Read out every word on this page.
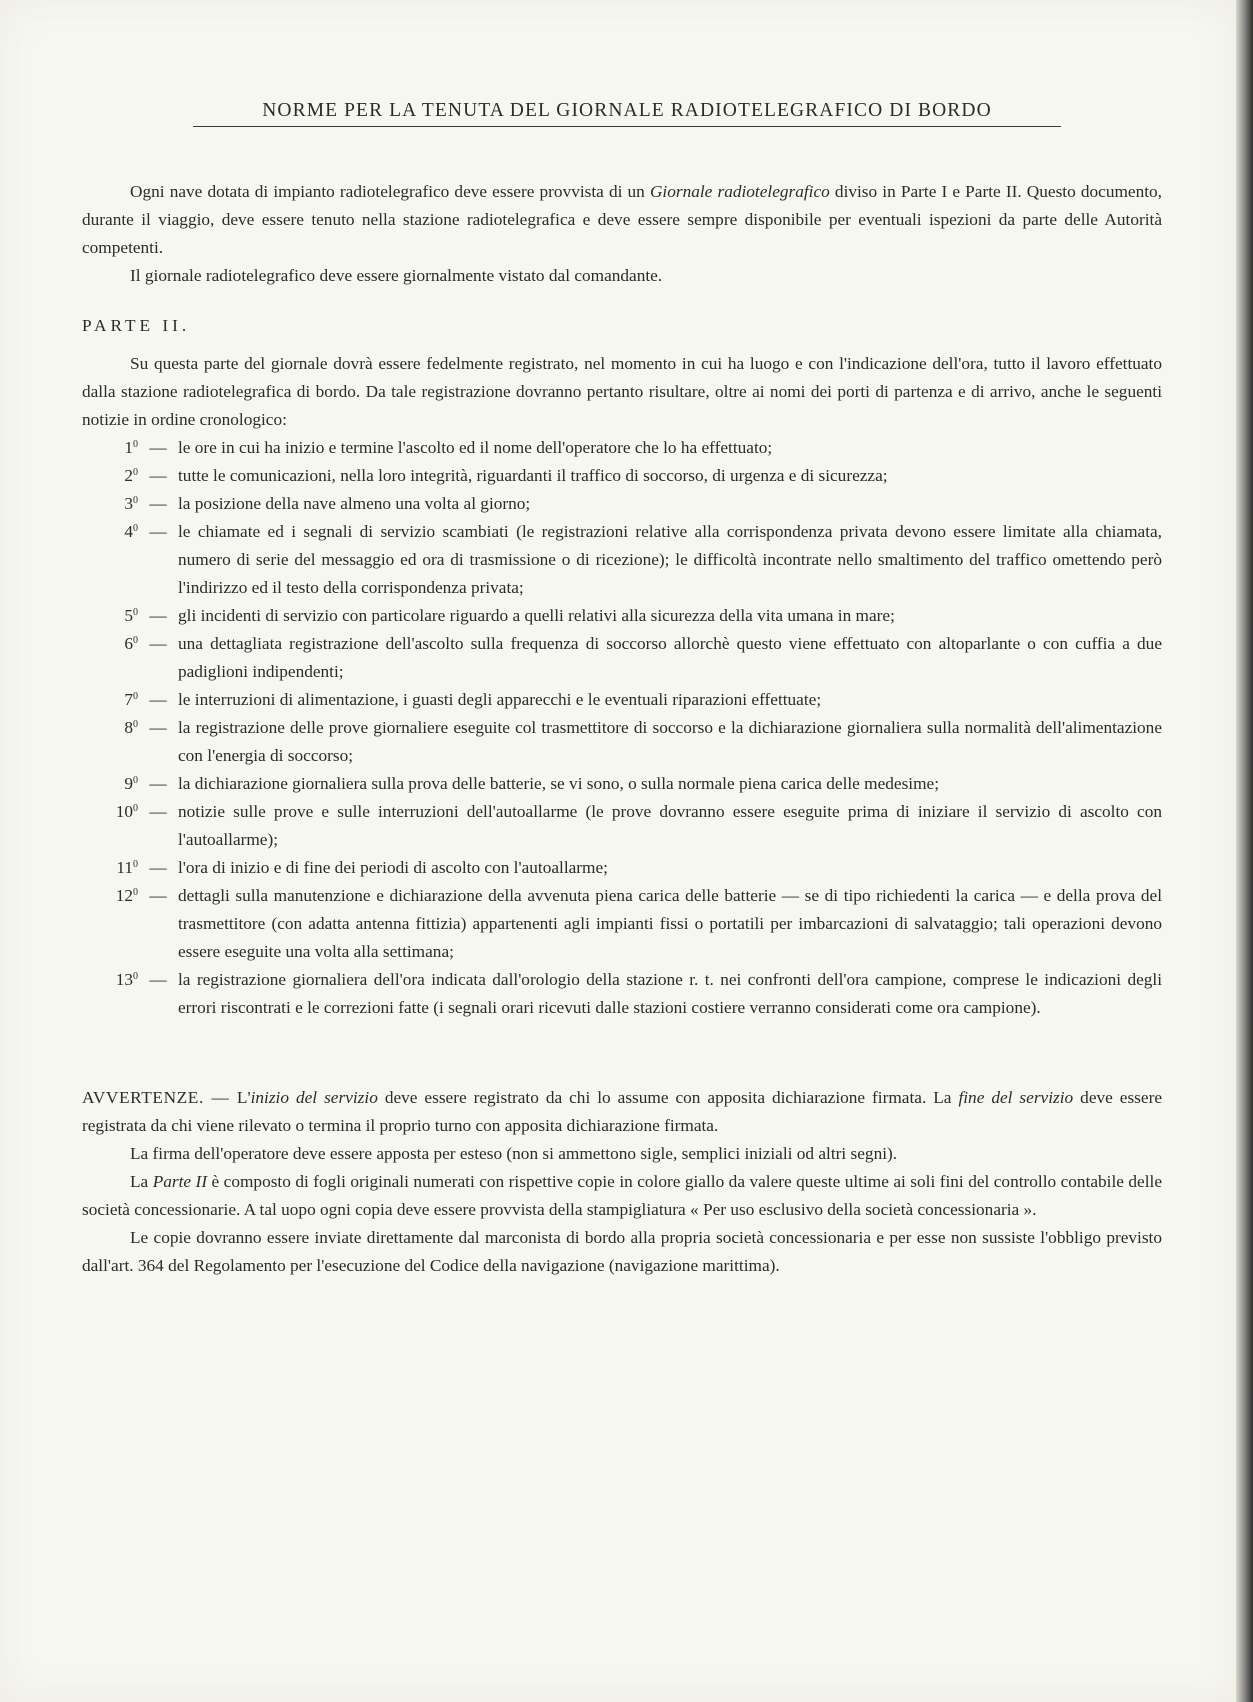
NORME PER LA TENUTA DEL GIORNALE RADIOTELEGRAFICO DI BORDO

Ogni nave dotata di impianto radiotelegrafico deve essere provvista di un Giornale radiotelegrafico diviso in Parte I e Parte II. Questo documento, durante il viaggio, deve essere tenuto nella stazione radiotelegrafica e deve essere sempre disponibile per eventuali ispezioni da parte delle Autorità competenti.

Il giornale radiotelegrafico deve essere giornalmente vistato dal comandante.

PARTE II.

Su questa parte del giornale dovrà essere fedelmente registrato, nel momento in cui ha luogo e con l'indicazione dell'ora, tutto il lavoro effettuato dalla stazione radiotelegrafica di bordo. Da tale registrazione dovranno pertanto risultare, oltre ai nomi dei porti di partenza e di arrivo, anche le seguenti notizie in ordine cronologico:

$1^0$ — le ore in cui ha inizio e termine l'ascolto ed il nome dell'operatore che lo ha effettuato;
$2^0$ — tutte le comunicazioni, nella loro integrità, riguardanti il traffico di soccorso, di urgenza e di sicurezza;
$3^0$ — la posizione della nave almeno una volta al giorno;
$4^0$ — le chiamate ed i segnali di servizio scambiati (le registrazioni relative alla corrispondenza privata devono essere limitate alla chiamata, numero di serie del messaggio ed ora di trasmissione o di ricezione); le difficoltà incontrate nello smaltimento del traffico omettendo però l'indirizzo ed il testo della corrispondenza privata;
$5^0$ — gli incidenti di servizio con particolare riguardo a quelli relativi alla sicurezza della vita umana in mare;
$6^0$ — una dettagliata registrazione dell'ascolto sulla frequenza di soccorso allorchè questo viene effettuato con altoparlante o con cuffia a due padiglioni indipendenti;
$7^0$ — le interruzioni di alimentazione, i guasti degli apparecchi e le eventuali riparazioni effettuate;
$8^0$ — la registrazione delle prove giornaliere eseguite col trasmettitore di soccorso e la dichiarazione giornaliera sulla normalità dell'alimentazione con l'energia di soccorso;
$9^0$ — la dichiarazione giornaliera sulla prova delle batterie, se vi sono, o sulla normale piena carica delle medesime;
$10^0$ — notizie sulle prove e sulle interruzioni dell'autoallarme (le prove dovranno essere eseguite prima di iniziare il servizio di ascolto con l'autoallarme);
$11^0$ — l'ora di inizio e di fine dei periodi di ascolto con l'autoallarme;
$12^0$ — dettagli sulla manutenzione e dichiarazione della avvenuta piena carica delle batterie — se di tipo richiedenti la carica — e della prova del trasmettitore (con adatta antenna fittizia) appartenenti agli impianti fissi o portatili per imbarcazioni di salvataggio; tali operazioni devono essere eseguite una volta alla settimana;
$13^0$ — la registrazione giornaliera dell'ora indicata dall'orologio della stazione r. t. nei confronti dell'ora campione, comprese le indicazioni degli errori riscontrati e le correzioni fatte (i segnali orari ricevuti dalle stazioni costiere verranno considerati come ora campione).

AVVERTENZE. — L'inizio del servizio deve essere registrato da chi lo assume con apposita dichiarazione firmata. La fine del servizio deve essere registrata da chi viene rilevato o termina il proprio turno con apposita dichiarazione firmata.

La firma dell'operatore deve essere apposta per esteso (non si ammettono sigle, semplici iniziali od altri segni).

La Parte II è composto di fogli originali numerati con rispettive copie in colore giallo da valere queste ultime ai soli fini del controllo contabile delle società concessionarie. A tal uopo ogni copia deve essere provvista della stampigliatura « Per uso esclusivo della società concessionaria ».

Le copie dovranno essere inviate direttamente dal marconista di bordo alla propria società concessionaria e per esse non sussiste l'obbligo previsto dall'art. 364 del Regolamento per l'esecuzione del Codice della navigazione (navigazione marittima).
